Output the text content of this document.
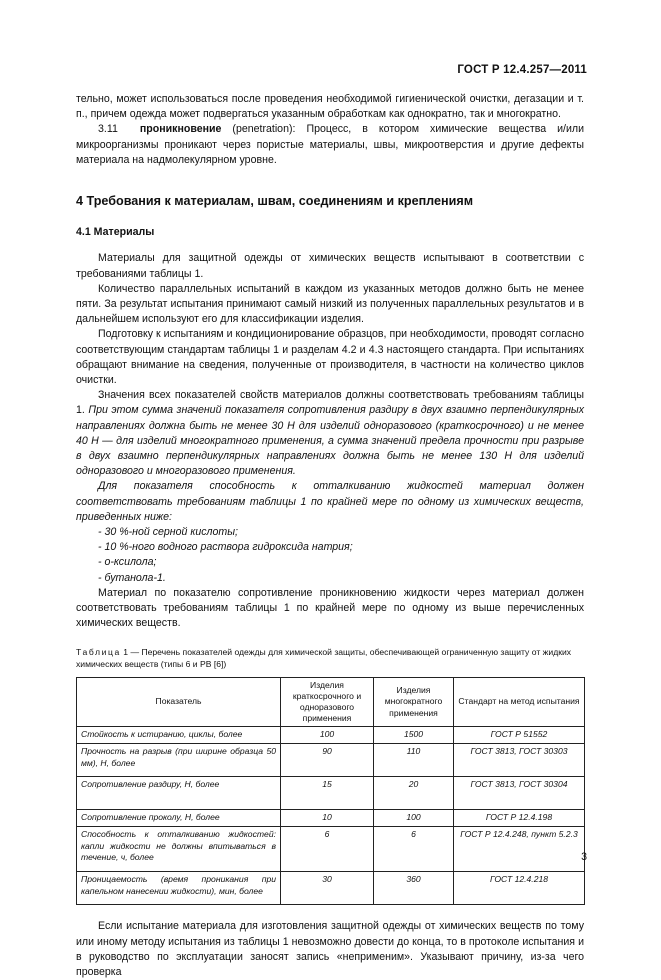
ГОСТ Р 12.4.257—2011

тельно, может использоваться после проведения необходимой гигиенической очистки, дегазации и т. п., причем одежда может подвергаться указанным обработкам как однократно, так и многократно.

3.11 проникновение (penetration): Процесс, в котором химические вещества и/или микроорганизмы проникают через пористые материалы, швы, микроотверстия и другие дефекты материала на надмолекулярном уровне.

4 Требования к материалам, швам, соединениям и креплениям
4.1 Материалы

Материалы для защитной одежды от химических веществ испытывают в соответствии с требованиями таблицы 1.

Количество параллельных испытаний в каждом из указанных методов должно быть не менее пяти. За результат испытания принимают самый низкий из полученных параллельных результатов и в дальнейшем используют его для классификации изделия.

Подготовку к испытаниям и кондиционирование образцов, при необходимости, проводят согласно соответствующим стандартам таблицы 1 и разделам 4.2 и 4.3 настоящего стандарта. При испытаниях обращают внимание на сведения, полученные от производителя, в частности на количество циклов очистки.

Значения всех показателей свойств материалов должны соответствовать требованиям таблицы 1. При этом сумма значений показателя сопротивления раздиру в двух взаимно перпендикулярных направлениях должна быть не менее 30 Н для изделий одноразового (краткосрочного) и не менее 40 Н — для изделий многократного применения, а сумма значений предела прочности при разрыве в двух взаимно перпендикулярных направлениях должна быть не менее 130 Н для изделий одноразового и многоразового применения.

Для показателя способность к отталкиванию жидкостей материал должен соответствовать требованиям таблицы 1 по крайней мере по одному из химических веществ, приведенных ниже:

- 30 %-ной серной кислоты;

- 10 %-ного водного раствора гидроксида натрия;

- о-ксилола;

- бутанола-1.

Материал по показателю сопротивление проникновению жидкости через материал должен соответствовать требованиям таблицы 1 по крайней мере по одному из выше перечисленных химических веществ.

Таблица 1 — Перечень показателей одежды для химической защиты, обеспечивающей ограниченную защиту от жидких химических веществ (типы 6 и PB [6])

Показатель	Изделия краткосрочного и одноразового применения	Изделия многократного применения	Стандарт на метод испытания
Стойкость к истиранию, циклы, более	100	1500	ГОСТ Р 51552
Прочность на разрыв (при ширине образца 50 мм), Н, более	90	110	ГОСТ 3813, ГОСТ 30303
Сопротивление раздиру, Н, более	15	20	ГОСТ 3813, ГОСТ 30304
Сопротивление проколу, Н, более	10	100	ГОСТ Р 12.4.198
Способность к отталкиванию жидкостей: капли жидкости не должны впитываться в течение, ч, более	6	6	ГОСТ Р 12.4.248, пункт 5.2.3
Проницаемость (время проникания при капельном нанесении жидкости), мин, более	30	360	ГОСТ 12.4.218

Если испытание материала для изготовления защитной одежды от химических веществ по тому или иному методу испытания из таблицы 1 невозможно довести до конца, то в протоколе испытания и в руководство по эксплуатации заносят запись «неприменим». Указывают причину, из-за чего проверка

3
